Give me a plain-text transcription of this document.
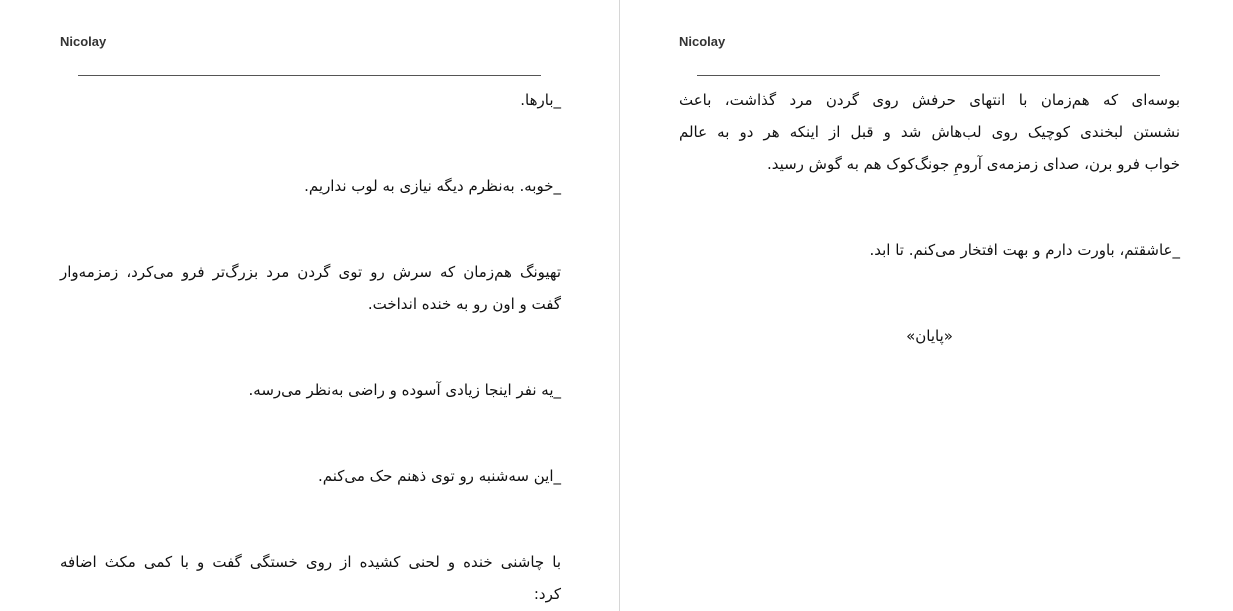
Nicolay
_بارها.
_خوبه. به‌نظرم دیگه نیازی به لوب نداریم.
تهیونگ هم‌زمان که سرش رو توی گردن مرد بزرگ‌تر فرو می‌کرد، زمزمه‌وار
گفت و اون رو به خنده انداخت.
_یه نفر اینجا زیادی آسوده و راضی به‌نظر می‌رسه.
_این سه‌شنبه رو توی ذهنم حک می‌کنم.
با چاشنی خنده و لحنی کشیده از روی خستگی گفت و با کمی مکث اضافه
کرد:
Nicolay
بوسه‌ای که هم‌زمان با انتهای حرفش روی گردن مرد گذاشت، باعث
نشستن لبخندی کوچیک روی لب‌هاش شد و قبل از اینکه هر دو به عالم
خواب فرو برن، صدای زمزمه‌ی آرومِ جونگ‌کوک هم به گوش رسید.
_عاشقتم، باورت دارم و بهت افتخار می‌کنم. تا ابد.
«پایان»
